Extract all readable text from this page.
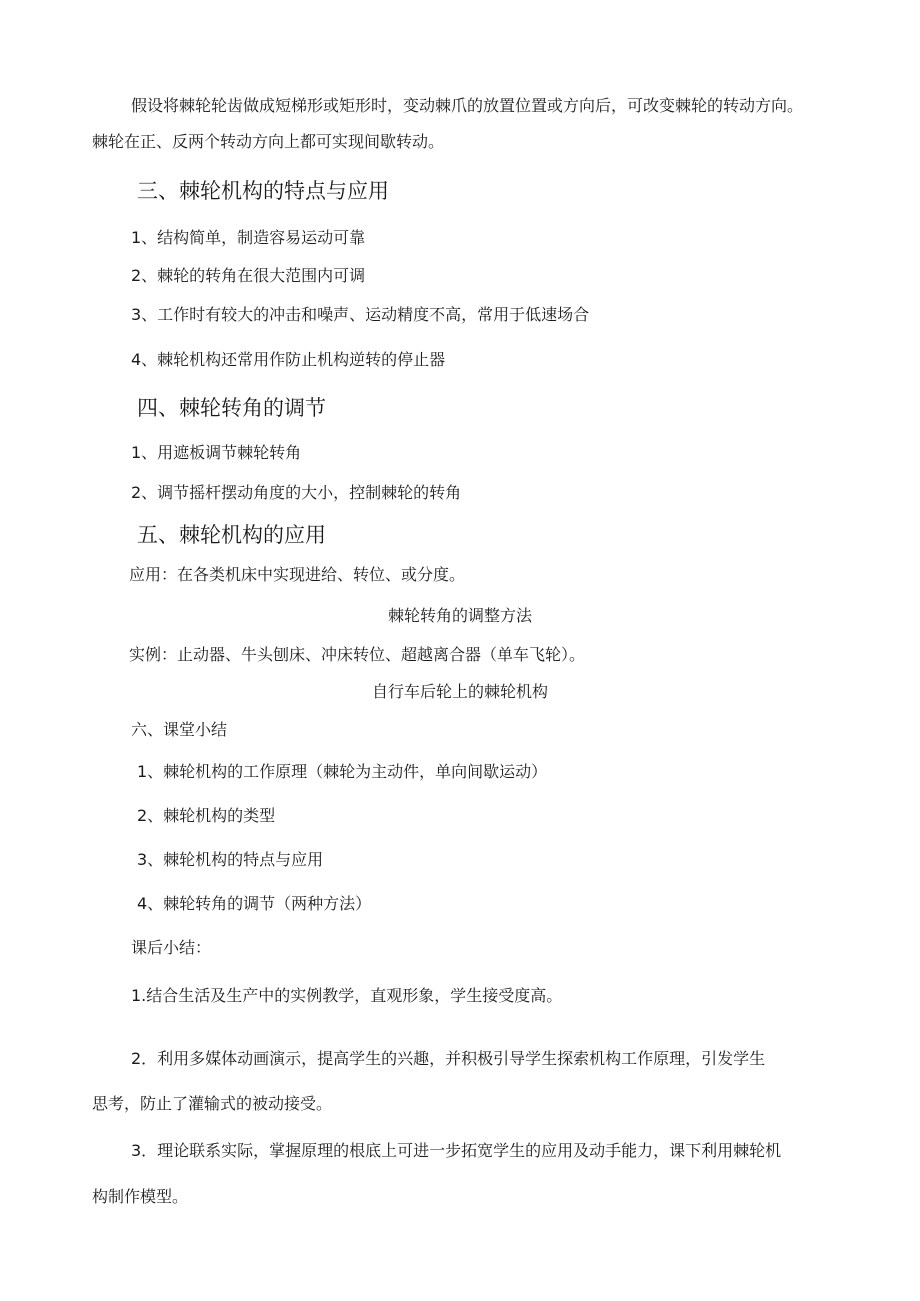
假设将棘轮轮齿做成短梯形或矩形时，变动棘爪的放置位置或方向后，可改变棘轮的转动方向。
棘轮在正、反两个转动方向上都可实现间歇转动。
三、棘轮机构的特点与应用
1、结构简单，制造容易运动可靠
2、棘轮的转角在很大范围内可调
3、工作时有较大的冲击和噪声、运动精度不高，常用于低速场合
4、棘轮机构还常用作防止机构逆转的停止器
四、棘轮转角的调节
1、用遮板调节棘轮转角
2、调节摇杆摆动角度的大小，控制棘轮的转角
五、棘轮机构的应用
应用：在各类机床中实现进给、转位、或分度。
棘轮转角的调整方法
实例：止动器、牛头刨床、冲床转位、超越离合器（单车飞轮）。
自行车后轮上的棘轮机构
六、课堂小结
1、棘轮机构的工作原理（棘轮为主动件，单向间歇运动）
2、棘轮机构的类型
3、棘轮机构的特点与应用
4、棘轮转角的调节（两种方法）
课后小结：
1.结合生活及生产中的实例教学，直观形象，学生接受度高。
2．利用多媒体动画演示，提高学生的兴趣，并积极引导学生探索机构工作原理，引发学生
思考，防止了灌输式的被动接受。
3．理论联系实际，掌握原理的根底上可进一步拓宽学生的应用及动手能力，课下利用棘轮机
构制作模型。
